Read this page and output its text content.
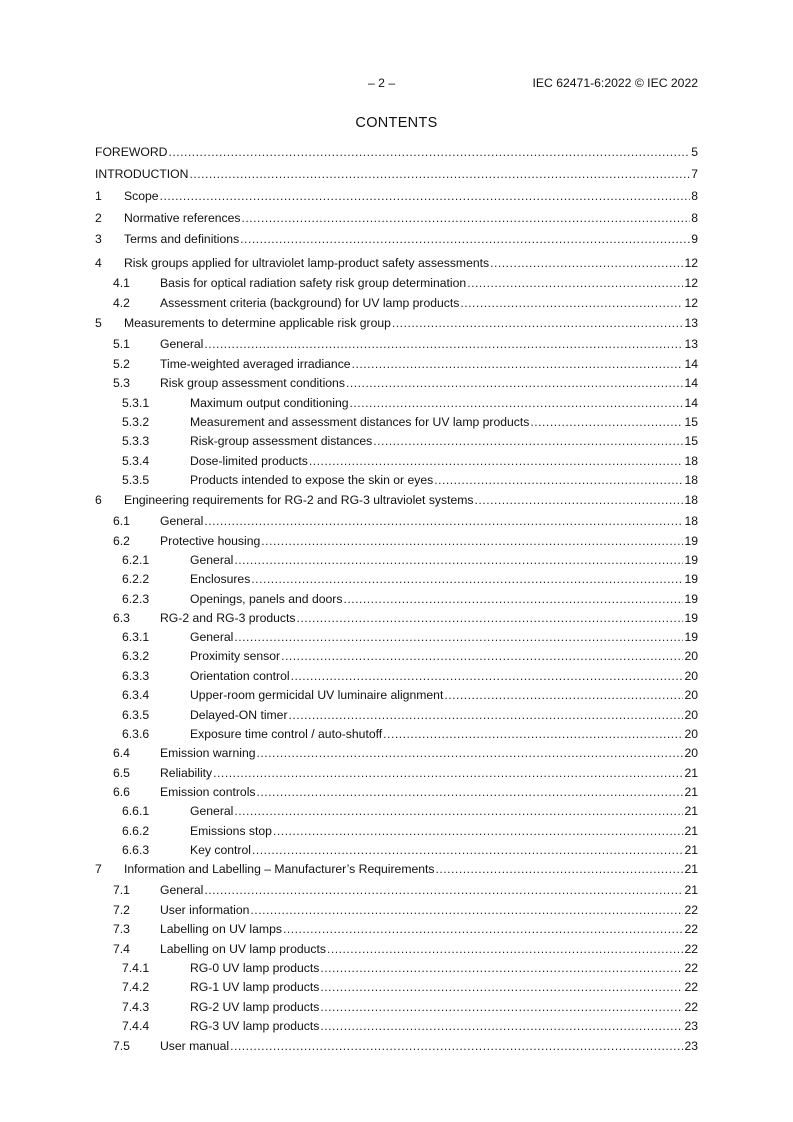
– 2 –	IEC 62471-6:2022 © IEC 2022
CONTENTS
FOREWORD .....	5
INTRODUCTION .....	7
1 Scope .....	8
2 Normative references .....	8
3 Terms and definitions .....	9
4 Risk groups applied for ultraviolet lamp-product safety assessments .....	12
4.1 Basis for optical radiation safety risk group determination .....	12
4.2 Assessment criteria (background) for UV lamp products .....	12
5 Measurements to determine applicable risk group .....	13
5.1 General .....	13
5.2 Time-weighted averaged irradiance .....	14
5.3 Risk group assessment conditions .....	14
5.3.1	Maximum output conditioning .....	14
5.3.2	Measurement and assessment distances for UV lamp products .....	15
5.3.3	Risk-group assessment distances .....	15
5.3.4	Dose-limited products .....	18
5.3.5	Products intended to expose the skin or eyes .....	18
6 Engineering requirements for RG-2 and RG-3 ultraviolet systems .....	18
6.1 General .....	18
6.2 Protective housing .....	19
6.2.1	General .....	19
6.2.2	Enclosures .....	19
6.2.3	Openings, panels and doors .....	19
6.3 RG-2 and RG-3 products .....	19
6.3.1	General .....	19
6.3.2	Proximity sensor .....	20
6.3.3	Orientation control .....	20
6.3.4	Upper-room germicidal UV luminaire alignment .....	20
6.3.5	Delayed-ON timer .....	20
6.3.6	Exposure time control / auto-shutoff .....	20
6.4 Emission warning .....	20
6.5 Reliability .....	21
6.6 Emission controls .....	21
6.6.1	General .....	21
6.6.2	Emissions stop .....	21
6.6.3	Key control .....	21
7 Information and Labelling – Manufacturer’s Requirements .....	21
7.1 General .....	21
7.2 User information .....	22
7.3 Labelling on UV lamps .....	22
7.4 Labelling on UV lamp products .....	22
7.4.1	RG-0 UV lamp products .....	22
7.4.2	RG-1 UV lamp products .....	22
7.4.3	RG-2 UV lamp products .....	22
7.4.4	RG-3 UV lamp products .....	23
7.5 User manual .....	23
